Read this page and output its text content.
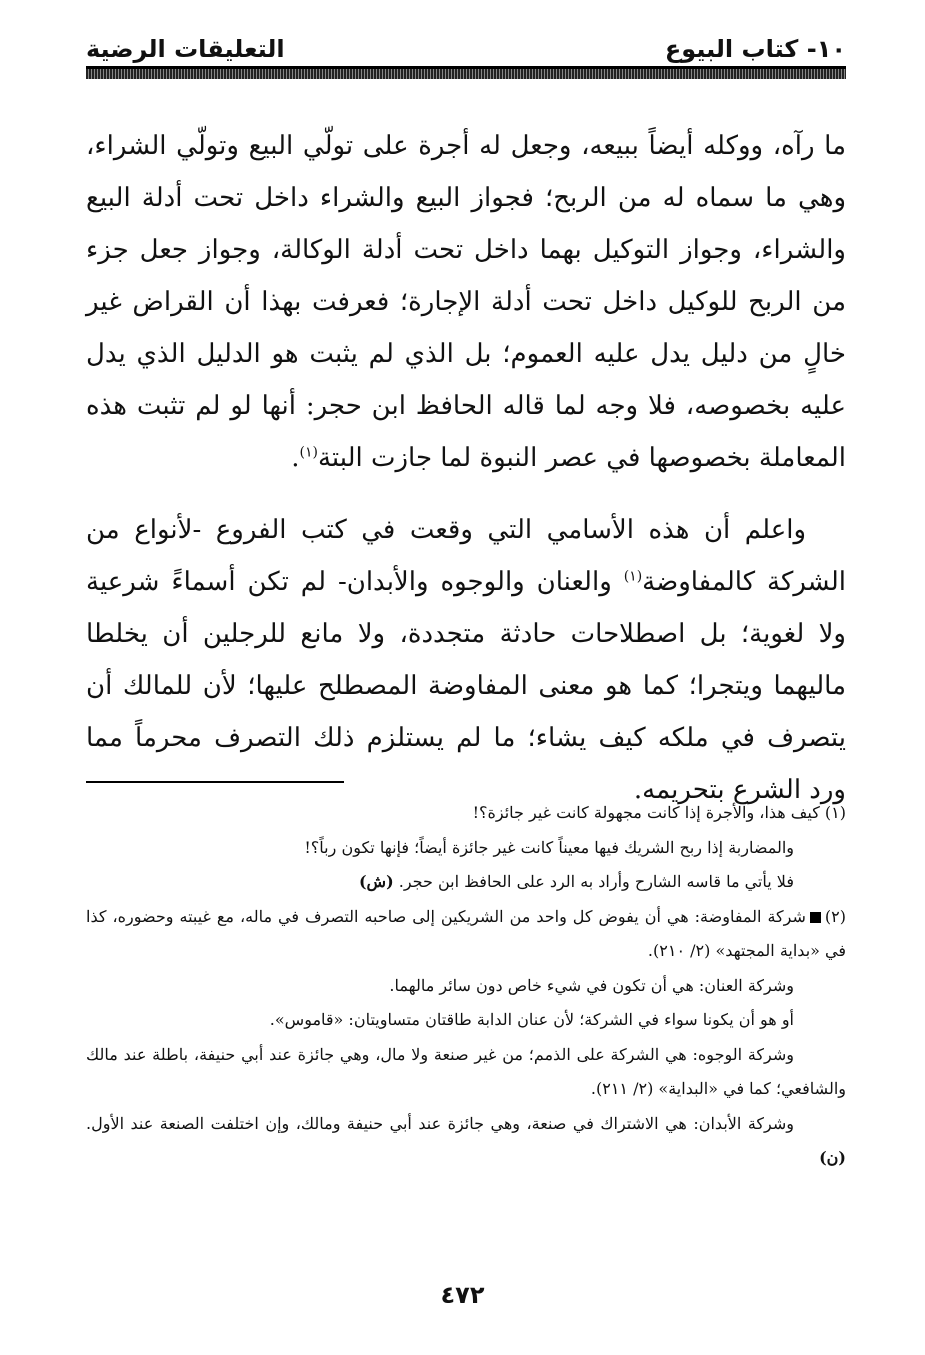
١٠- كتاب البيوع
التعليقات الرضية

ما رآه، ووكله أيضاً ببيعه، وجعل له أجرة على تولّي البيع وتولّي الشراء، وهي ما سماه له من الربح؛ فجواز البيع والشراء داخل تحت أدلة البيع والشراء، وجواز التوكيل بهما داخل تحت أدلة الوكالة، وجواز جعل جزء من الربح للوكيل داخل تحت أدلة الإجارة؛ فعرفت بهذا أن القراض غير خالٍ من دليل يدل عليه العموم؛ بل الذي لم يثبت هو الدليل الذي يدل عليه بخصوصه، فلا وجه لما قاله الحافظ ابن حجر: أنها لو لم تثبت هذه المعاملة بخصوصها في عصر النبوة لما جازت البتة$^{(١)}$.

واعلم أن هذه الأسامي التي وقعت في كتب الفروع -لأنواع من الشركة كالمفاوضة$^{(١)}$ والعنان والوجوه والأبدان- لم تكن أسماءً شرعية ولا لغوية؛ بل اصطلاحات حادثة متجددة، ولا مانع للرجلين أن يخلطا ماليهما ويتجرا؛ كما هو معنى المفاوضة المصطلح عليها؛ لأن للمالك أن يتصرف في ملكه كيف يشاء؛ ما لم يستلزم ذلك التصرف محرماً مما ورد الشرع بتحريمه.

(١) كيف هذا، والأجرة إذا كانت مجهولة كانت غير جائزة؟!

والمضاربة إذا ربح الشريك فيها معيناً كانت غير جائزة أيضاً؛ فإنها تكون رباً؟!

فلا يأتي ما قاسه الشارح وأراد به الرد على الحافظ ابن حجر. (ش)

(٢)شركة المفاوضة: هي أن يفوض كل واحد من الشريكين إلى صاحبه التصرف في ماله، مع غيبته وحضوره، كذا في «بداية المجتهد» (٢/ ٢١٠).

وشركة العنان: هي أن تكون في شيء خاص دون سائر مالهما.

أو هو أن يكونا سواء في الشركة؛ لأن عنان الدابة طاقتان متساويتان: «قاموس».

وشركة الوجوه: هي الشركة على الذمم؛ من غير صنعة ولا مال، وهي جائزة عند أبي حنيفة، باطلة عند مالك والشافعي؛ كما في «البداية» (٢/ ٢١١).

وشركة الأبدان: هي الاشتراك في صنعة، وهي جائزة عند أبي حنيفة ومالك، وإن اختلفت الصنعة عند الأول. (ن)

٤٧٢
